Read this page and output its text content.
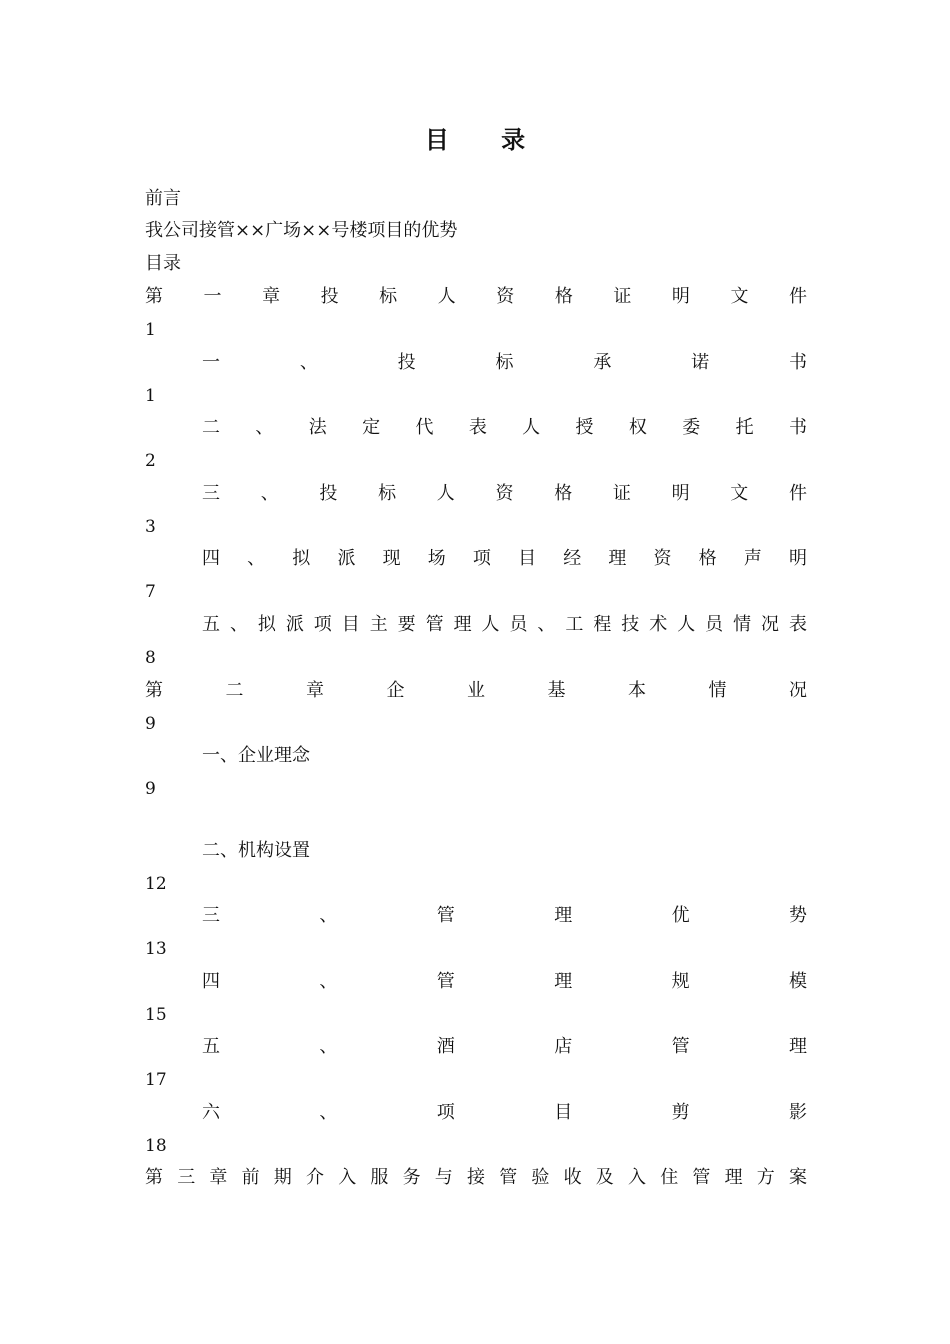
目 录
前言
我公司接管××广场××号楼项目的优势
目录
第 一 章 投 标 人 资 格 证 明 文 件
1
一 、 投 标 承 诺 书
1
二 、 法 定 代 表 人 授 权 委 托 书
2
三 、 投 标 人 资 格 证 明 文 件
3
四 、 拟 派 现 场 项 目 经 理 资 格 声 明
7
五 、 拟 派 项 目 主 要 管 理 人 员 、 工 程 技 术 人 员 情 况 表
8
第 二 章 企 业 基 本 情 况
9
一、企业理念
9
二、机构设置
12
三 、 管 理 优 势
13
四 、 管 理 规 模
15
五 、 酒 店 管 理
17
六 、 项 目 剪 影
18
第 三 章 前 期 介 入 服 务 与 接 管 验 收 及 入 住 管 理 方 案
